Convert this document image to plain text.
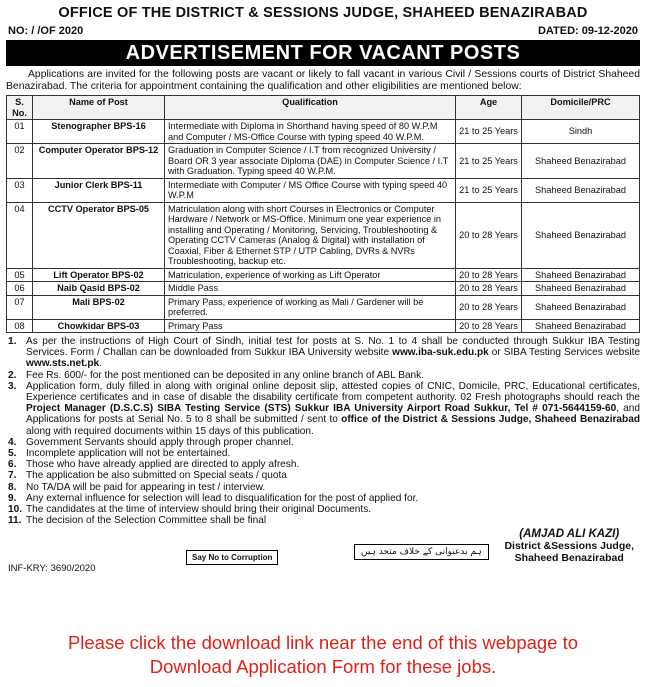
OFFICE OF THE DISTRICT & SESSIONS JUDGE, SHAHEED BENAZIRABAD
NO: / /OF 2020	DATED: 09-12-2020
ADVERTISEMENT FOR VACANT POSTS

Applications are invited for the following posts are vacant or likely to fall vacant in various Civil / Sessions courts of District Shaheed Benazirabad. The criteria for appointment containing the qualification and other eligibilities are mentioned below:

S. No.	Name of Post	Qualification	Age	Domicile/PRC
01	Stenographer BPS-16	Intermediate with Diploma in Shorthand having speed of 80 W.P.M and Computer / MS-Office Course with typing speed 40 W.P.M.	21 to 25 Years	Sindh
02	Computer Operator BPS-12	Graduation in Computer Science / I.T from recognized University / Board OR 3 year associate Diploma (DAE) in Computer Science / I.T with Graduation. Typing speed 40 W.P.M.	21 to 25 Years	Shaheed Benazirabad
03	Junior Clerk BPS-11	Intermediate with Computer / MS Office Course with typing speed 40 W.P.M	21 to 25 Years	Shaheed Benazirabad
04	CCTV Operator BPS-05	Matriculation along with short Courses in Electronics or Computer Hardware / Network or MS-Office. Minimum one year experience in installing and Operating / Monitoring, Servicing, Troubleshooting & Operating CCTV Cameras (Analog & Digital) with installation of Coaxial, Fiber & Ethernet STP / UTP Cabling, DVRs & NVRs Troubleshooting, backup etc.	20 to 28 Years	Shaheed Benazirabad
05	Lift Operator BPS-02	Matriculation, experience of working as Lift Operator	20 to 28 Years	Shaheed Benazirabad
06	Naib Qasid BPS-02	Middle Pass	20 to 28 Years	Shaheed Benazirabad
07	Mali BPS-02	Primary Pass, experience of working as Mali / Gardener will be preferred.	20 to 28 Years	Shaheed Benazirabad
08	Chowkidar BPS-03	Primary Pass	20 to 28 Years	Shaheed Benazirabad
1. As per the instructions of High Court of Sindh, initial test for posts at S. No. 1 to 4 shall be conducted through Sukkur IBA Testing Services. Form / Challan can be downloaded from Sukkur IBA University website www.iba-suk.edu.pk or SIBA Testing Services website www.sts.net.pk.
2. Fee Rs. 600/- for the post mentioned can be deposited in any online branch of ABL Bank.
3. Application form, duly filled in along with original online deposit slip, attested copies of CNIC, Domicile, PRC, Educational certificates, Experience certificates and in case of disable the disability certificate from competent authority. 02 Fresh photographs should reach the Project Manager (D.S.C.S) SIBA Testing Service (STS) Sukkur IBA University Airport Road Sukkur, Tel # 071-5644159-60, and Applications for posts at Serial No. 5 to 8 shall be submitted / sent to office of the District & Sessions Judge, Shaheed Benazirabad along with required documents within 15 days of this publication.
4. Government Servants should apply through proper channel.
5. Incomplete application will not be entertained.
6. Those who have already applied are directed to apply afresh.
7. The application be also submitted on Special seats / quota
8. No TA/DA will be paid for appearing in test / interview.
9. Any external influence for selection will lead to disqualification for the post of applied for.
10. The candidates at the time of interview should bring their original Documents.
11. The decision of the Selection Committee shall be final
Say No to Corruption
ہم بدعنوانی کے خلاف متحد ہیں
(AMJAD ALI KAZI)
District &Sessions Judge,
Shaheed Benazirabad
INF-KRY: 3690/2020
Please click the download link near the end of this webpage to
Download Application Form for these jobs.
